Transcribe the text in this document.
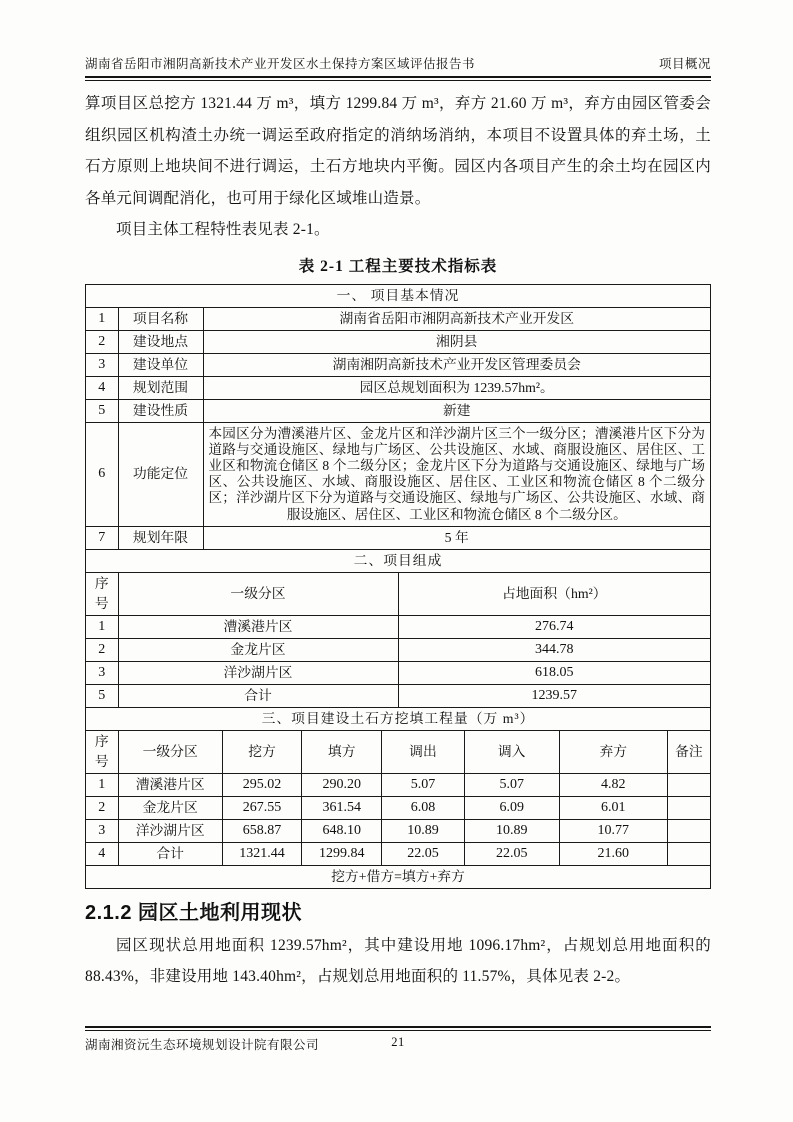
湖南省岳阳市湘阴高新技术产业开发区水土保持方案区域评估报告书	项目概况

算项目区总挖方 1321.44 万 m³，填方 1299.84 万 m³，弃方 21.60 万 m³，弃方由园区管委会组织园区机构渣土办统一调运至政府指定的消纳场消纳，本项目不设置具体的弃土场，土石方原则上地块间不进行调运，土石方地块内平衡。园区内各项目产生的余土均在园区内各单元间调配消化，也可用于绿化区域堆山造景。

项目主体工程特性表见表 2-1。

表 2-1 工程主要技术指标表
一、 项目基本情况		
1	项目名称	湖南省岳阳市湘阴高新技术产业开发区
2	建设地点	湘阴县
3	建设单位	湖南湘阴高新技术产业开发区管理委员会
4	规划范围	园区总规划面积为 1239.57hm²。
5	建设性质	新建
6	功能定位	本园区分为漕溪港片区、金龙片区和洋沙湖片区三个一级分区；漕溪港片区下分为道路与交通设施区、绿地与广场区、公共设施区、水域、商服设施区、居住区、工业区和物流仓储区 8 个二级分区；金龙片区下分为道路与交通设施区、绿地与广场区、公共设施区、水域、商服设施区、居住区、工业区和物流仓储区 8 个二级分区；洋沙湖片区下分为道路与交通设施区、绿地与广场区、公共设施区、水域、商服设施区、居住区、工业区和物流仓储区 8 个二级分区。
7	规划年限	5 年
二、项目组成		
序号	一级分区	占地面积（hm²）
1	漕溪港片区	276.74
2	金龙片区	344.78
3	洋沙湖片区	618.05
5	合计	1239.57
三、项目建设土石方挖填工程量（万 m³）							
序号	一级分区	挖方	填方	调出	调入	弃方	备注
1	漕溪港片区	295.02	290.20	5.07	5.07	4.82	
2	金龙片区	267.55	361.54	6.08	6.09	6.01	
3	洋沙湖片区	658.87	648.10	10.89	10.89	10.77	
4	合计	1321.44	1299.84	22.05	22.05	21.60	
挖方+借方=填方+弃方							
2.1.2 园区土地利用现状

园区现状总用地面积 1239.57hm²，其中建设用地 1096.17hm²，占规划总用地面积的 88.43%，非建设用地 143.40hm²，占规划总用地面积的 11.57%，具体见表 2-2。

湖南湘资沅生态环境规划设计院有限公司	21
